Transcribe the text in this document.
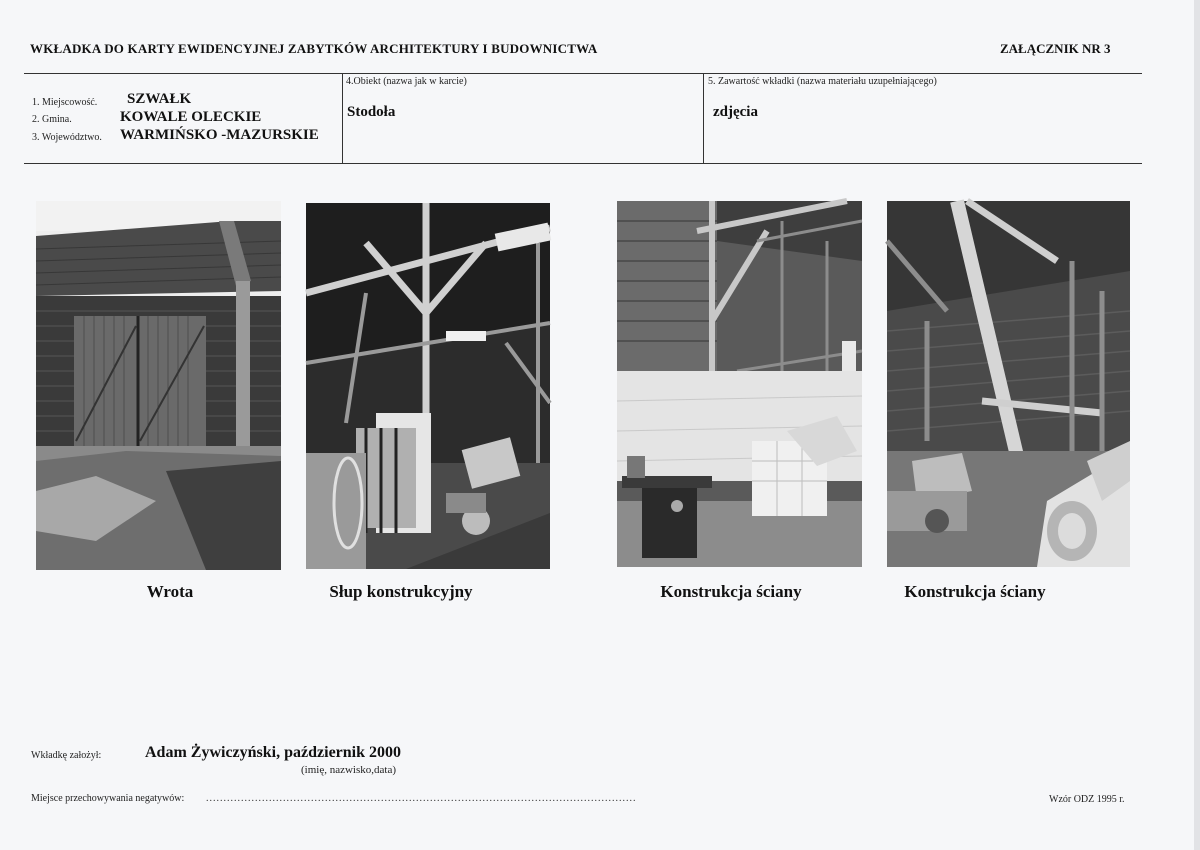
WKŁADKA DO KARTY EWIDENCYJNEJ ZABYTKÓW ARCHITEKTURY I BUDOWNICTWA	ZAŁĄCZNIK NR 3
1. Miejscowość. SZWAŁK
2. Gmina.	KOWALE OLECKIE
3. Województwo. WARMIŃSKO -MAZURSKIE
4.Obiekt (nazwa jak w karcie)
Stodoła
5. Zawartość wkładki (nazwa materiału uzupełniającego)
zdjęcia
Wrota	Słup konstrukcyjny	Konstrukcja ściany	Konstrukcja ściany
Wkładkę założył:	Adam Żywiczyński, październik 2000
(imię, nazwisko,data)
Miejsce przechowywania negatywów: ...........................................................................................................................	Wzór ODZ 1995 r.
